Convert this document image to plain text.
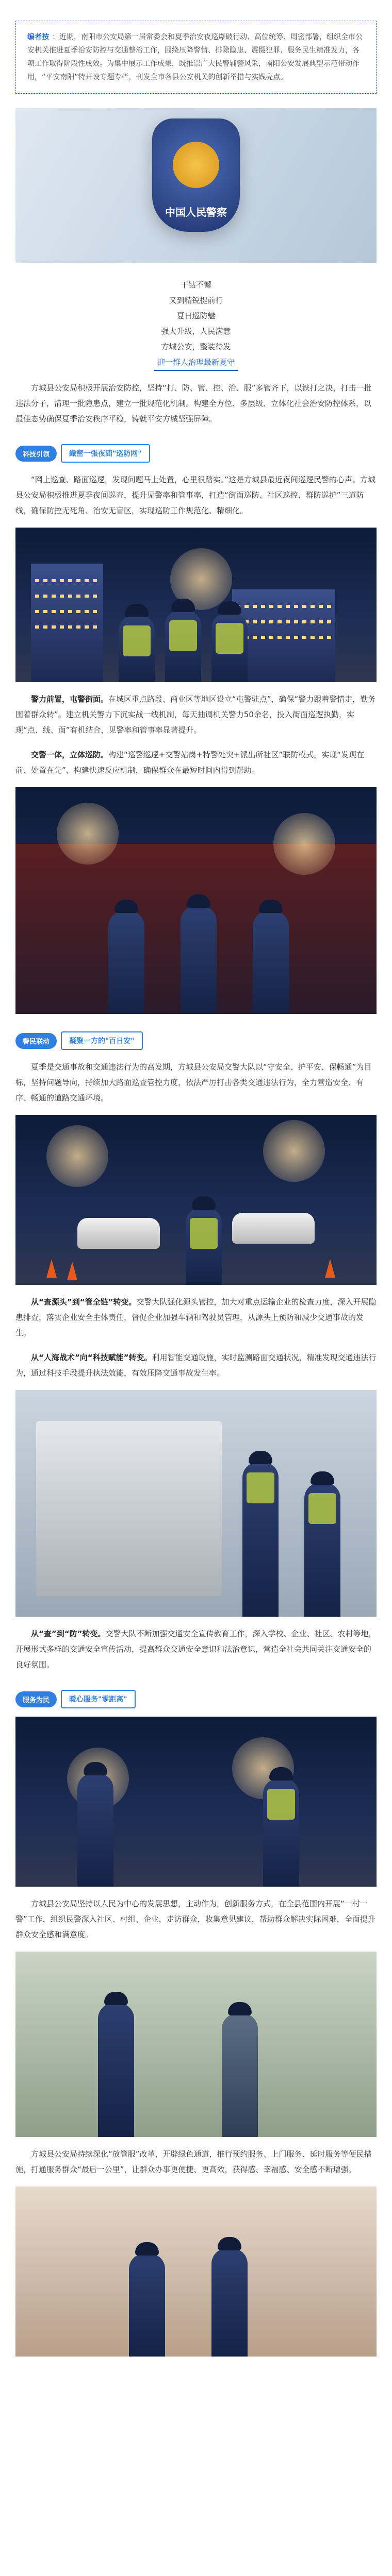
编者按 ：近期，南阳市公安局第一届常委会和夏季治安夜巡爆破行动、高位统筹、周密部署，组织全市公安机关推进夏季治安防控与交通整治工作，围绕压降警情、排除隐患、震慑犯罪、服务民生精准发力，各项工作取得阶段性成效。为集中展示工作成果，既推崇广大民警辅警风采，南阳公安发展典型示范带动作用，“平安南阳”特开设专题专栏，刊发全市各县公安机关的创新举措与实践亮点。
中国人民警察
干钻不懈
又到精锐提前行
夏日巡防魅
强大升级，人民满意
方城公安，整装待发
迎一群人治理最新夏守

方城县公安局积极开展治安防控，坚持“打、防、管、控、治、服”多管齐下，以铁打之决，打击一批违法分子，清理一批隐患点，建立一批规范化机制。构建全方位、多层级、立体化社会治安防控体系，以最佳态势确保夏季治安秩序平稳，铸就平安方城坚强屏障。

科技引领	織密一張夜間"巡防网"

“网上巡查、路面巡逻，发现问题马上处置，心里很踏实。”这是方城县最近夜间巡逻民警的心声。方城县公安局积极推进夏季夜间巡查，提升见警率和管事率，打造“街面巡防、社区巡控、群防巡护”三道防线，确保防控无死角、治安无盲区，实现巡防工作规范化、精细化。

警力前置，屯警街面。在城区重点路段、商业区等地区设立“屯警驻点”，确保“警力跟着警情走，勤务围着群众转”。建立机关警力下沉实战一线机制，每天抽调机关警力50余名，投入街面巡逻执勤，实现“点、线、面”有机结合，见警率和管事率显著提升。

交警一体，立体巡防。构建“巡警巡逻+交警站岗+特警处突+派出所社区”联防模式，实现“发现在前、处置在先”，构建快速反应机制，确保群众在最短时间内得到帮助。

警民联动	凝聚一方的"百日安"

夏季是交通事故和交通违法行为的高发期，方城县公安局交警大队以“守安全、护平安、保畅通”为目标，坚持问题导向，持续加大路面巡查管控力度，依法严厉打击各类交通违法行为，全力营造安全、有序、畅通的道路交通环境。

从“查源头”到“管全链”转变。交警大队强化源头管控，加大对重点运输企业的检查力度，深入开展隐患排查，落实企业安全主体责任，督促企业加强车辆和驾驶员管理，从源头上预防和减少交通事故的发生。

从“人海战术”向“科技赋能”转变。利用智能交通设施，实时监测路面交通状况，精准发现交通违法行为，通过科技手段提升执法效能，有效压降交通事故发生率。

从“查”到“防”转变。交警大队不断加强交通安全宣传教育工作，深入学校、企业、社区、农村等地，开展形式多样的交通安全宣传活动，提高群众交通安全意识和法治意识，营造全社会共同关注交通安全的良好氛围。

服务为民	暖心服务"零距离"

方城县公安局坚持以人民为中心的发展思想，主动作为，创新服务方式，在全县范围内开展“一村一警”工作，组织民警深入社区、村组、企业，走访群众，收集意见建议，帮助群众解决实际困难，全面提升群众安全感和满意度。

方城县公安局持续深化“放管服”改革，开辟绿色通道，推行预约服务、上门服务、延时服务等便民措施，打通服务群众“最后一公里”，让群众办事更便捷、更高效，获得感、幸福感、安全感不断增强。
